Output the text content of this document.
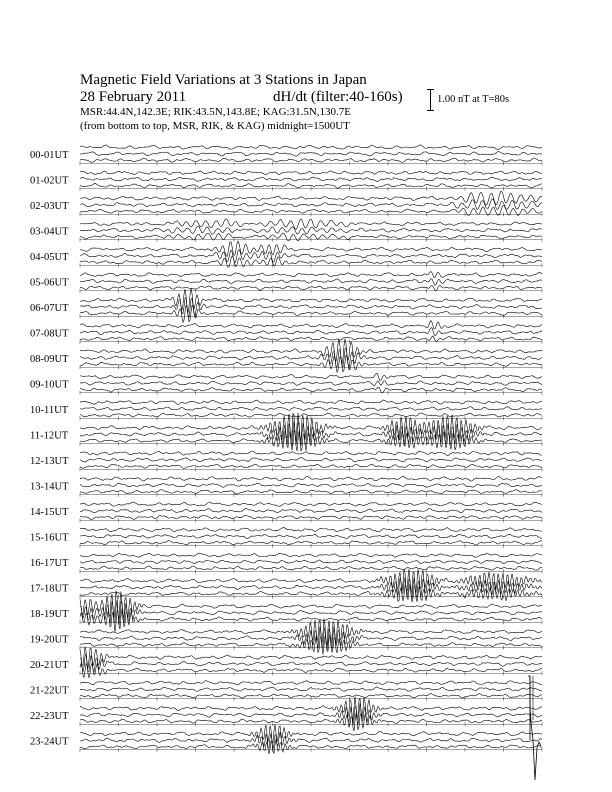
Magnetic Field Variations at 3 Stations in Japan
28 February 2011	dH/dt (filter:40-160s)
MSR:44.4N,142.3E; RIK:43.5N,143.8E; KAG:31.5N,130.7E
(from bottom to top, MSR, RIK, & KAG) midnight=1500UT
1.00 nT at T=80s
00-01UT
01-02UT
02-03UT
03-04UT
04-05UT
05-06UT
06-07UT
07-08UT
08-09UT
09-10UT
10-11UT
11-12UT
12-13UT
13-14UT
14-15UT
15-16UT
16-17UT
17-18UT
18-19UT
19-20UT
20-21UT
21-22UT
22-23UT
23-24UT
